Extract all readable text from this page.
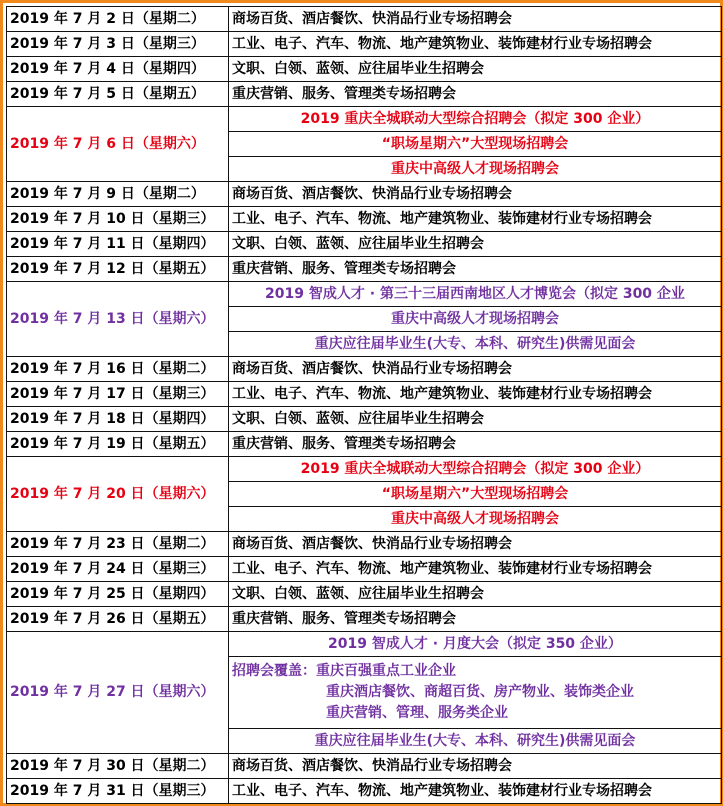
2019 年 7 月 2 日（星期二）	商场百货、酒店餐饮、快消品行业专场招聘会
2019 年 7 月 3 日（星期三）	工业、电子、汽车、物流、地产建筑物业、装饰建材行业专场招聘会
2019 年 7 月 4 日（星期四）	文职、白领、蓝领、应往届毕业生招聘会
2019 年 7 月 5 日（星期五）	重庆营销、服务、管理类专场招聘会
2019 年 7 月 6 日（星期六）	2019 重庆全城联动大型综合招聘会（拟定 300 企业）
	“职场星期六”大型现场招聘会
	重庆中高级人才现场招聘会
2019 年 7 月 9 日（星期二）	商场百货、酒店餐饮、快消品行业专场招聘会
2019 年 7 月 10 日（星期三）	工业、电子、汽车、物流、地产建筑物业、装饰建材行业专场招聘会
2019 年 7 月 11 日（星期四）	文职、白领、蓝领、应往届毕业生招聘会
2019 年 7 月 12 日（星期五）	重庆营销、服务、管理类专场招聘会
2019 年 7 月 13 日（星期六）	2019 智成人才 · 第三十三届西南地区人才博览会（拟定 300 企业
	重庆中高级人才现场招聘会
	重庆应往届毕业生(大专、本科、研究生)供需见面会
2019 年 7 月 16 日（星期二）	商场百货、酒店餐饮、快消品行业专场招聘会
2019 年 7 月 17 日（星期三）	工业、电子、汽车、物流、地产建筑物业、装饰建材行业专场招聘会
2019 年 7 月 18 日（星期四）	文职、白领、蓝领、应往届毕业生招聘会
2019 年 7 月 19 日（星期五）	重庆营销、服务、管理类专场招聘会
2019 年 7 月 20 日（星期六）	2019 重庆全城联动大型综合招聘会（拟定 300 企业）
	“职场星期六”大型现场招聘会
	重庆中高级人才现场招聘会
2019 年 7 月 23 日（星期二）	商场百货、酒店餐饮、快消品行业专场招聘会
2019 年 7 月 24 日（星期三）	工业、电子、汽车、物流、地产建筑物业、装饰建材行业专场招聘会
2019 年 7 月 25 日（星期四）	文职、白领、蓝领、应往届毕业生招聘会
2019 年 7 月 26 日（星期五）	重庆营销、服务、管理类专场招聘会
2019 年 7 月 27 日（星期六）	2019 智成人才 · 月度大会（拟定 350 企业）

	招聘会覆盖：重庆百强重点工业企业
重庆酒店餐饮、商超百货、房产物业、装饰类企业
重庆营销、管理、服务类企业

	重庆应往届毕业生(大专、本科、研究生)供需见面会
2019 年 7 月 30 日（星期二）	商场百货、酒店餐饮、快消品行业专场招聘会
2019 年 7 月 31 日（星期三）	工业、电子、汽车、物流、地产建筑物业、装饰建材行业专场招聘会
